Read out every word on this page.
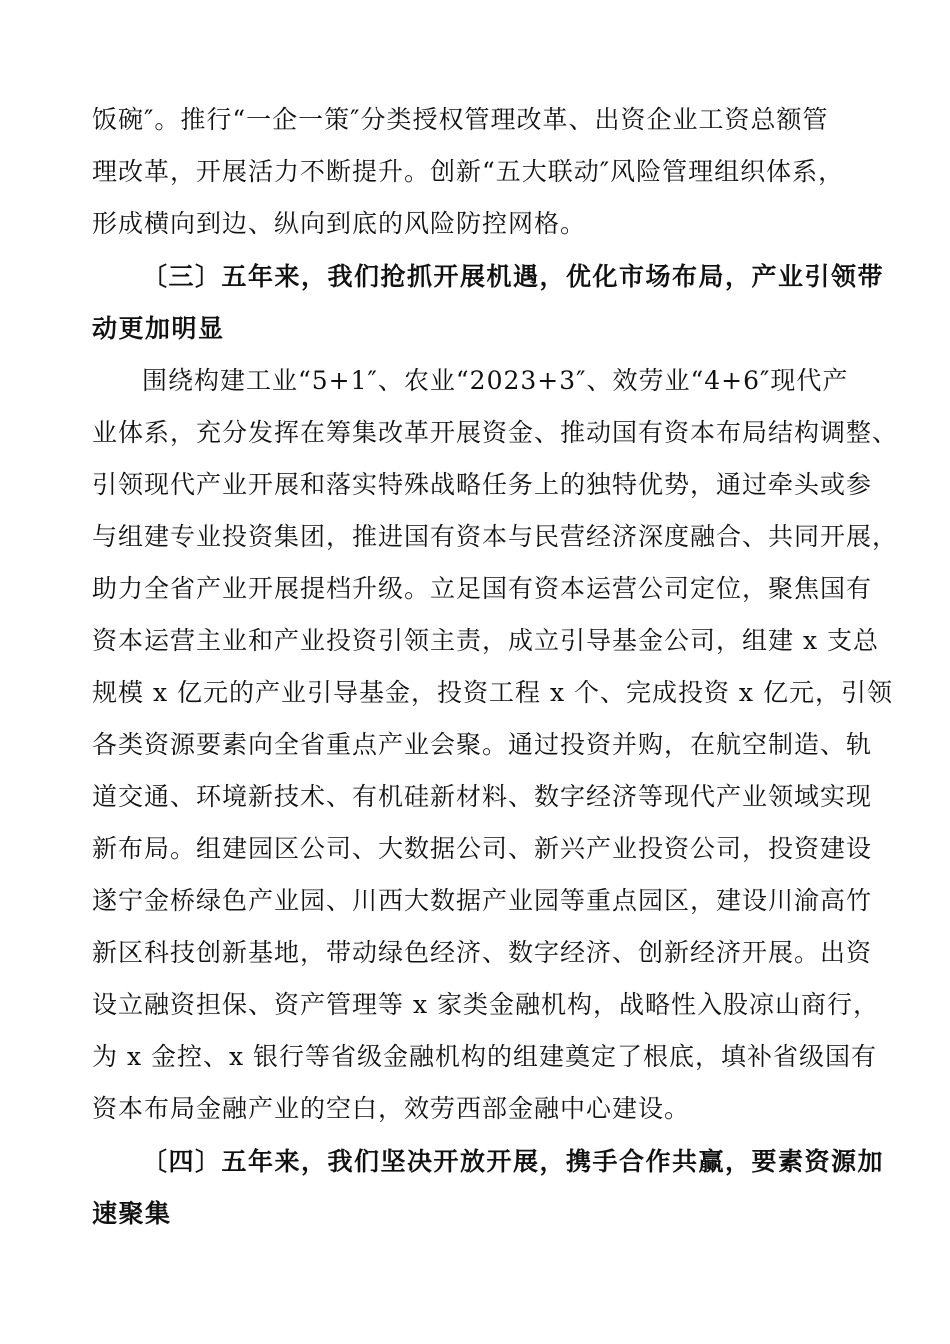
饭碗″。推行“一企一策″分类授权管理改革、出资企业工资总额管

理改革，开展活力不断提升。创新“五大联动″风险管理组织体系，

形成横向到边、纵向到底的风险防控网格。

〔三〕五年来，我们抢抓开展机遇，优化市场布局，产业引领带

动更加明显

围绕构建工业“5+1″、农业“2023+3″、效劳业“4+6″现代产

业体系，充分发挥在筹集改革开展资金、推动国有资本布局结构调整、

引领现代产业开展和落实特殊战略任务上的独特优势，通过牵头或参

与组建专业投资集团，推进国有资本与民营经济深度融合、共同开展，

助力全省产业开展提档升级。立足国有资本运营公司定位，聚焦国有

资本运营主业和产业投资引领主责，成立引导基金公司，组建 x 支总

规模 x 亿元的产业引导基金，投资工程 x 个、完成投资 x 亿元，引领

各类资源要素向全省重点产业会聚。通过投资并购，在航空制造、轨

道交通、环境新技术、有机硅新材料、数字经济等现代产业领域实现

新布局。组建园区公司、大数据公司、新兴产业投资公司，投资建设

遂宁金桥绿色产业园、川西大数据产业园等重点园区，建设川渝高竹

新区科技创新基地，带动绿色经济、数字经济、创新经济开展。出资

设立融资担保、资产管理等 x 家类金融机构，战略性入股凉山商行，

为 x 金控、x 银行等省级金融机构的组建奠定了根底，填补省级国有

资本布局金融产业的空白，效劳西部金融中心建设。

〔四〕五年来，我们坚决开放开展，携手合作共赢，要素资源加

速聚集
